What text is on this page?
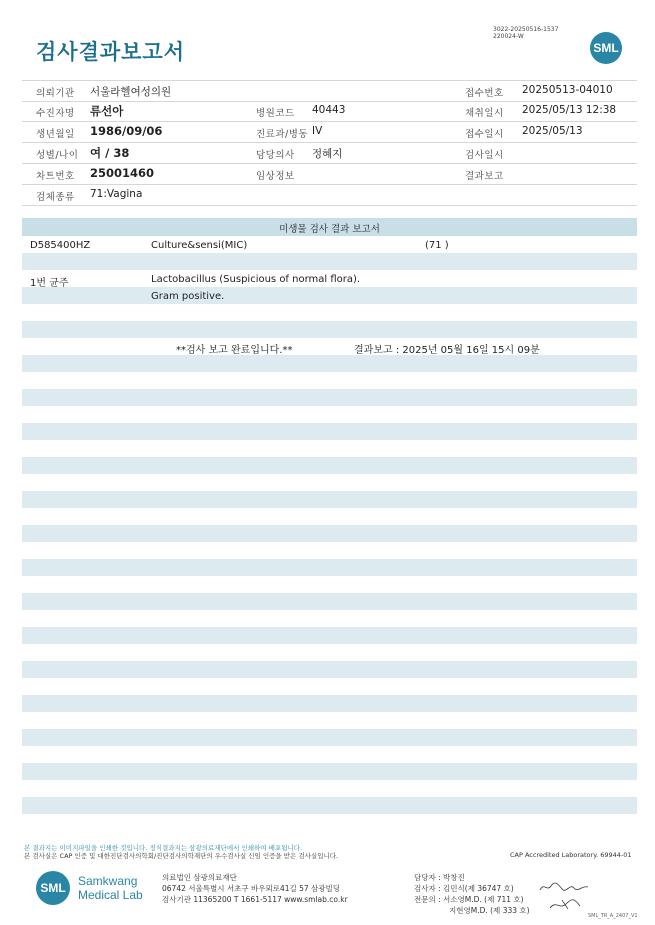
검사결과보고서
3022-20250516-1537
220024-W
SML
의뢰기관 서울라헬여성의원	접수번호 20250513-04010
수진자명 류선아	병원코드 40443	채취일시 2025/05/13 12:38
생년월일 1986/09/06	진료과/병동 IV	접수일시 2025/05/13
성별/나이 여 / 38	담당의사 정혜지	검사일시
차트번호 25001460	임상정보	결과보고
검체종류 71:Vagina
미생물 검사 결과 보고서
D585400HZ	Culture&sensi(MIC)	(71 )
1번 균주	Lactobacillus (Suspicious of normal flora).
Gram positive.
**검사 보고 완료입니다.**	결과보고 : 2025년 05월 16일 15시 09분
본 결과지는 이미지파일을 인쇄한 것입니다. 정식결과지는 삼광의료재단에서 인쇄하여 배포됩니다.
본 검사실은 CAP 인증 및 대한진단검사의학회/진단검사의학재단의 우수검사실 신임 인증을 받은 검사실입니다.	CAP Accredited Laboratory. 69944-01
SML	Samkwang
Medical Lab
의료법인 삼광의료재단
06742 서울특별시 서초구 바우뫼로41길 57 삼광빌딩
검사기관 11365200 T 1661-5117 www.smlab.co.kr
담당자 : 박창진
검사자 : 김민식(제 36747 호)
전문의 : 서소영M.D. (제 711 호)
지현영M.D. (제 333 호)
SML_TR_A_2407_V1
